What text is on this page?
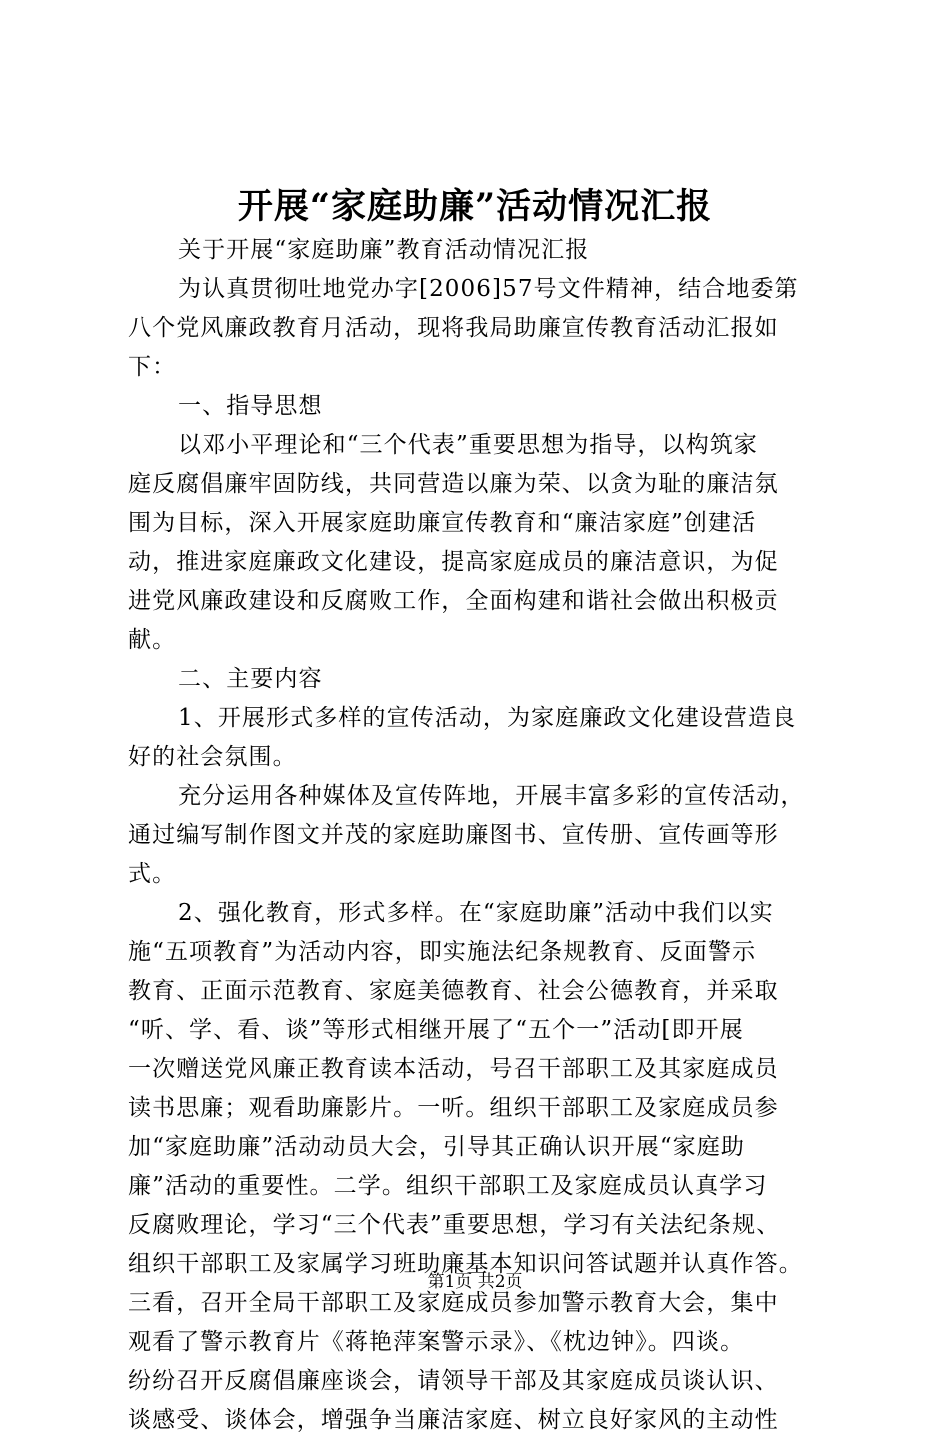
开展“家庭助廉”活动情况汇报
关于开展“家庭助廉”教育活动情况汇报
为认真贯彻吐地党办字[2006]57号文件精神，结合地委第
八个党风廉政教育月活动，现将我局助廉宣传教育活动汇报如
下：
一、指导思想
以邓小平理论和“三个代表”重要思想为指导，以构筑家
庭反腐倡廉牢固防线，共同营造以廉为荣、以贪为耻的廉洁氛
围为目标，深入开展家庭助廉宣传教育和“廉洁家庭”创建活
动，推进家庭廉政文化建设，提高家庭成员的廉洁意识，为促
进党风廉政建设和反腐败工作，全面构建和谐社会做出积极贡
献。
二、主要内容
1、开展形式多样的宣传活动，为家庭廉政文化建设营造良
好的社会氛围。
充分运用各种媒体及宣传阵地，开展丰富多彩的宣传活动，
通过编写制作图文并茂的家庭助廉图书、宣传册、宣传画等形
式。
2、强化教育，形式多样。在“家庭助廉”活动中我们以实
施“五项教育”为活动内容，即实施法纪条规教育、反面警示
教育、正面示范教育、家庭美德教育、社会公德教育，并采取
“听、学、看、谈”等形式相继开展了“五个一”活动[即开展
一次赠送党风廉正教育读本活动，号召干部职工及其家庭成员
读书思廉；观看助廉影片。一听。组织干部职工及家庭成员参
加“家庭助廉”活动动员大会，引导其正确认识开展“家庭助
廉”活动的重要性。二学。组织干部职工及家庭成员认真学习
反腐败理论，学习“三个代表”重要思想，学习有关法纪条规、
组织干部职工及家属学习班助廉基本知识问答试题并认真作答。
三看，召开全局干部职工及家庭成员参加警示教育大会，集中
观看了警示教育片《蒋艳萍案警示录》、《枕边钟》。四谈。
纷纷召开反腐倡廉座谈会，请领导干部及其家庭成员谈认识、
谈感受、谈体会，增强争当廉洁家庭、树立良好家风的主动性
第1页 共2页
